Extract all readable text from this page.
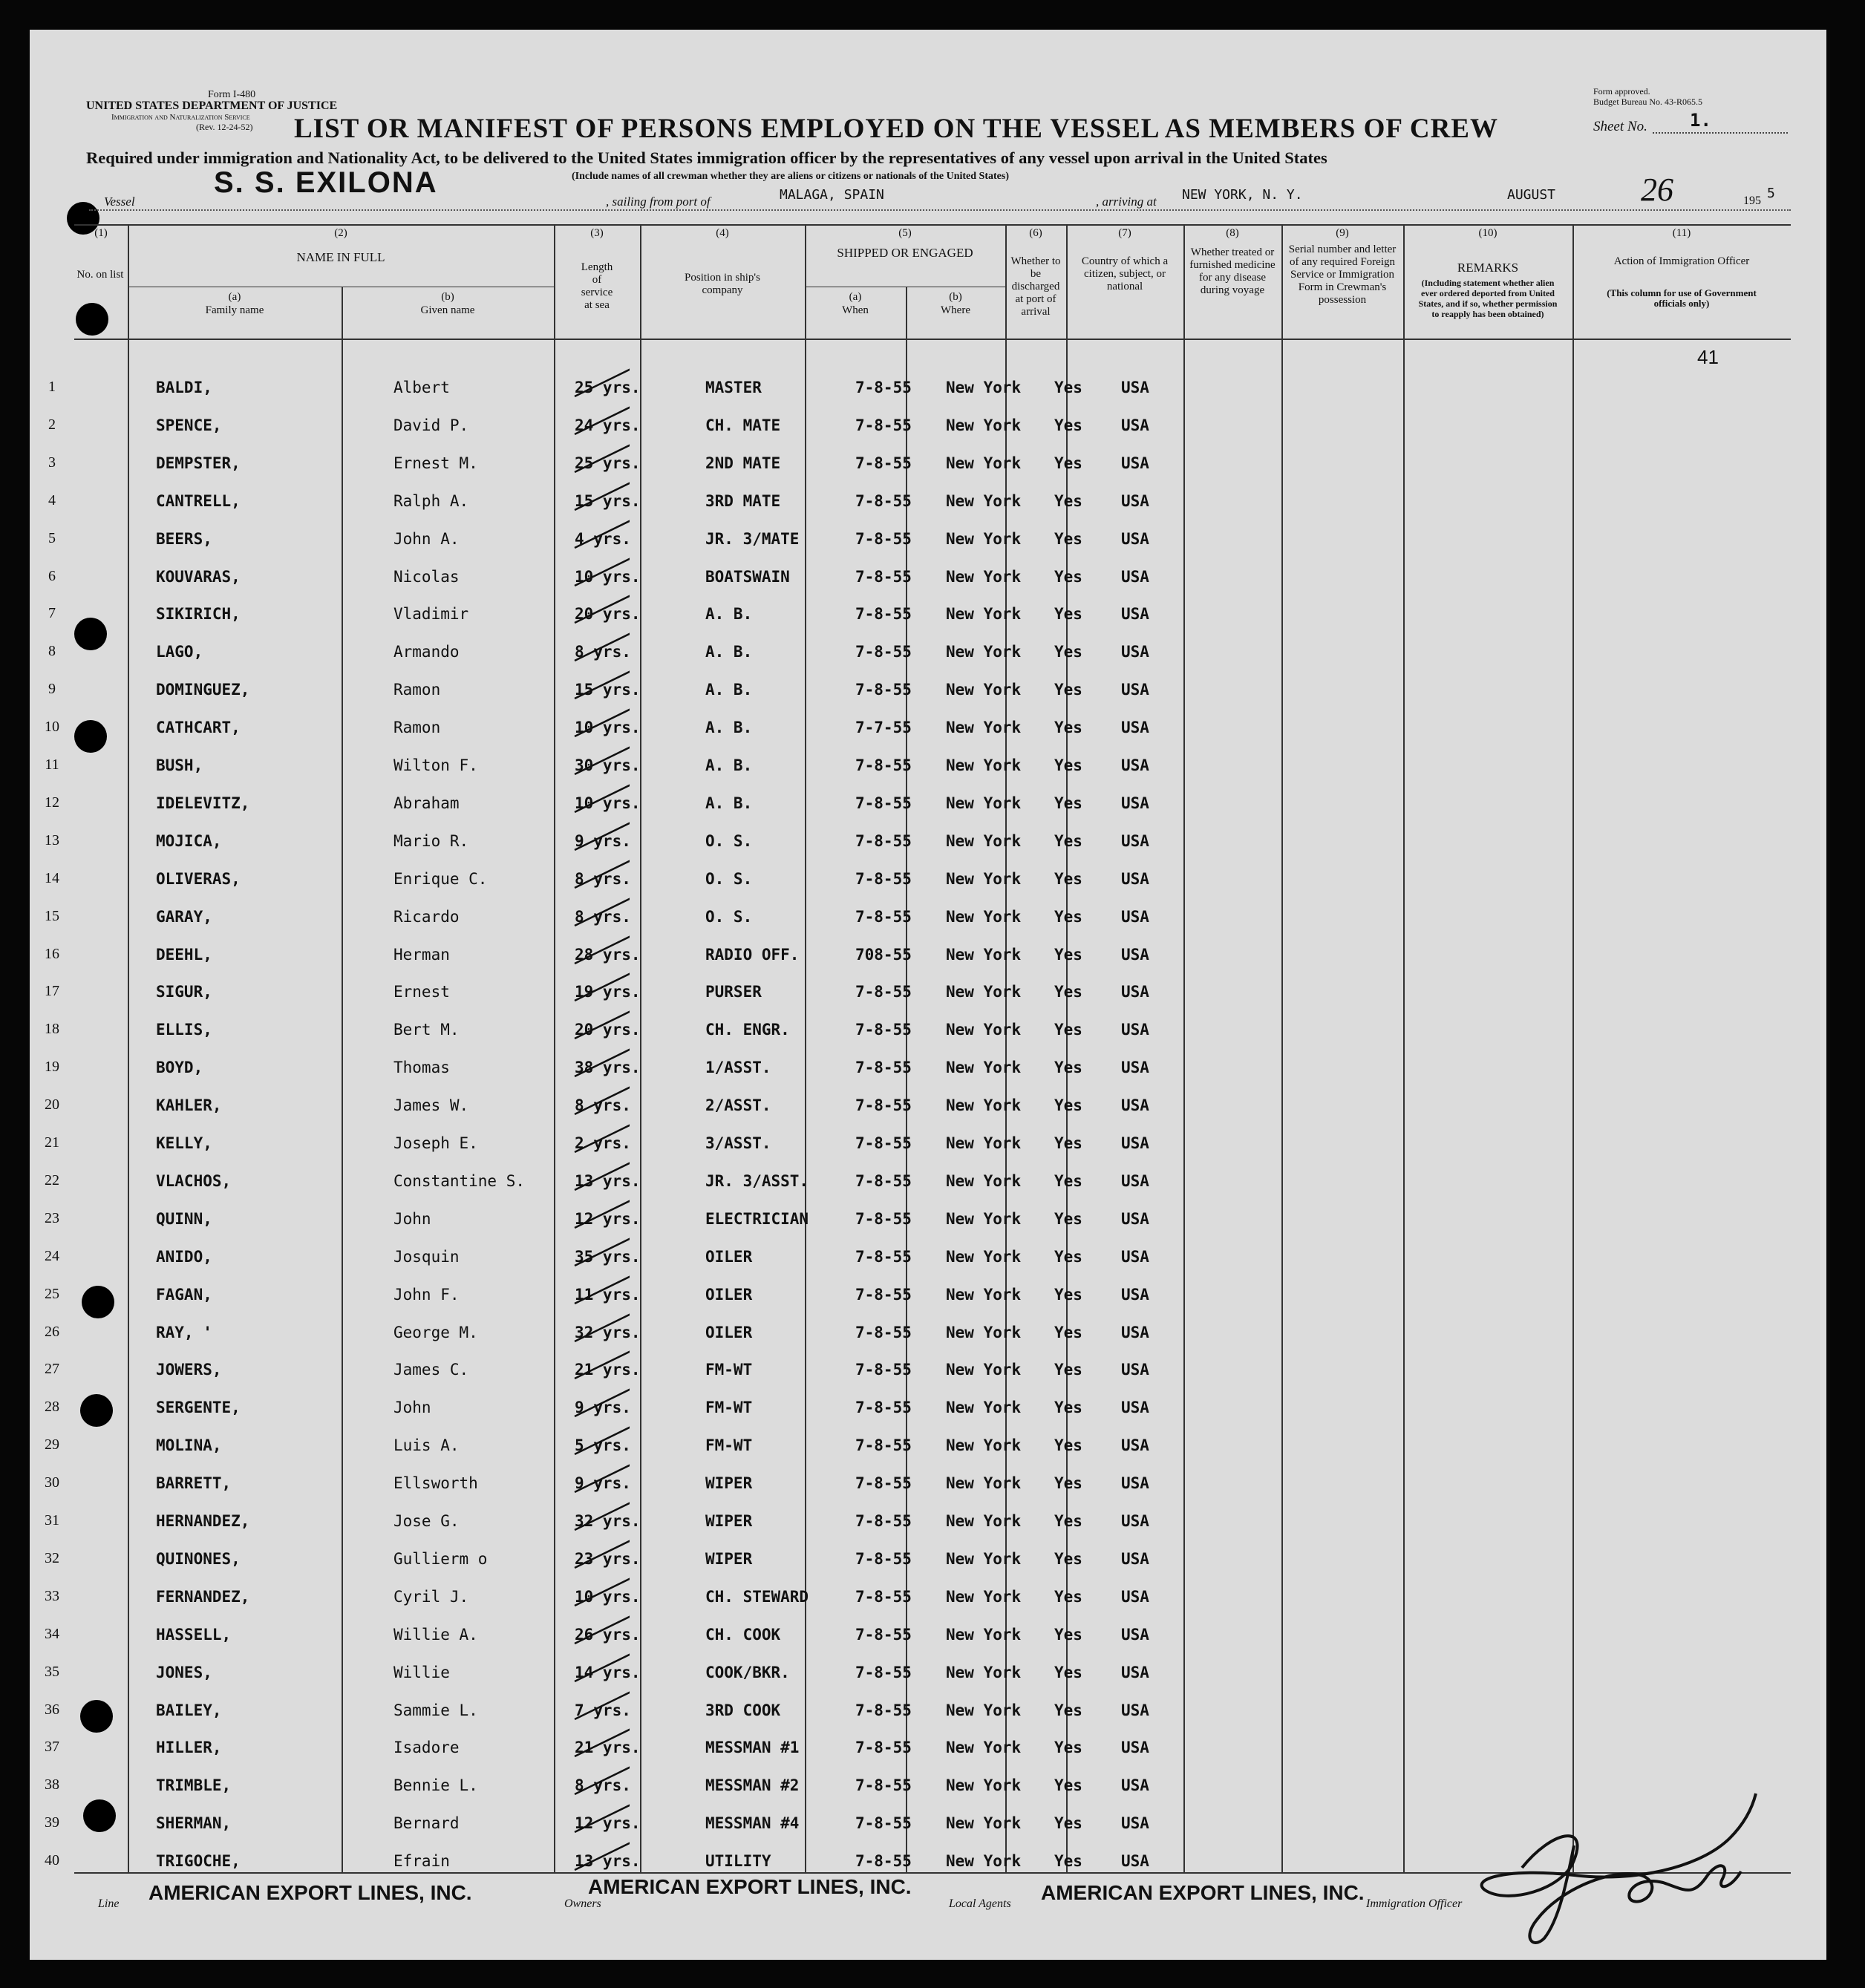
Form I-480
UNITED STATES DEPARTMENT OF JUSTICE
Immigration and Naturalization Service
(Rev. 12-24-52)
Form approved.
Budget Bureau No. 43-R065.5
Sheet No. 1.
LIST OR MANIFEST OF PERSONS EMPLOYED ON THE VESSEL AS MEMBERS OF CREW
Required under immigration and Nationality Act, to be delivered to the United States immigration officer by the representatives of any vessel upon arrival in the United States
(Include names of all crewman whether they are aliens or citizens or nationals of the United States)
Vessel
S. S. EXILONA
, sailing from port of	MALAGA, SPAIN	, arriving at NEW YORK, N. Y.	AUGUST	26	195 5
(1)
No. on list
(2)
NAME IN FULL
(a)
Family name
(b)
Given name
(3)
Length of service at sea
(4)
Position in ship's company
(5)
SHIPPED OR ENGAGED
(a)
When
(b)
Where
(6)
Whether to be discharged at port of arrival
(7)
Country of which a citizen, subject, or national
(8)
Whether treated or furnished medicine for any disease during voyage
(9)
Serial number and letter of any required Foreign Service or Immigration Form in Crewman's possession
(10)
REMARKS
(Including statement whether alien ever ordered deported from United States, and if so, whether permission to reapply has been obtained)
(11)
Action of Immigration Officer
(This column for use of Government officials only)
41
1	BALDI,	Albert	25 yrs.	MASTER	7-8-55 New York Yes USA
2	SPENCE,	David P.	24 yrs.	CH. MATE	7-8-55 New York Yes USA
3	DEMPSTER,	Ernest M.	25 yrs.	2ND MATE	7-8-55 New York Yes USA
4	CANTRELL,	Ralph A.	15 yrs.	3RD MATE	7-8-55 New York Yes USA
5	BEERS,	John A.	4 yrs.	JR. 3/MATE	7-8-55 New York Yes USA
6	KOUVARAS,	Nicolas	10 yrs.	BOATSWAIN	7-8-55 New York Yes USA
7	SIKIRICH,	Vladimir	20 yrs.	A. B.	7-8-55 New York Yes USA
8	LAGO,	Armando	8 yrs.	A. B.	7-8-55 New York Yes USA
9	DOMINGUEZ,	Ramon	15 yrs.	A. B.	7-8-55 New York Yes USA
10	CATHCART,	Ramon	10 yrs.	A. B.	7-7-55 New York Yes USA
11	BUSH,	Wilton F.	30 yrs.	A. B.	7-8-55 New York Yes USA
12	IDELEVITZ,	Abraham	10 yrs.	A. B.	7-8-55 New York Yes USA
13	MOJICA,	Mario R.	9 yrs.	O. S.	7-8-55 New York Yes USA
14	OLIVERAS,	Enrique C.	8 yrs.	O. S.	7-8-55 New York Yes USA
15	GARAY,	Ricardo	8 yrs.	O. S.	7-8-55 New York Yes USA
16	DEEHL,	Herman	28 yrs.	RADIO OFF.	708-55 New York Yes USA
17	SIGUR,	Ernest	19 yrs.	PURSER	7-8-55 New York Yes USA
18	ELLIS,	Bert M.	20 yrs.	CH. ENGR.	7-8-55 New York Yes USA
19	BOYD,	Thomas	38 yrs.	1/ASST.	7-8-55 New York Yes USA
20	KAHLER,	James W.	8 yrs.	2/ASST.	7-8-55 New York Yes USA
21	KELLY,	Joseph E.	2 yrs.	3/ASST.	7-8-55 New York Yes USA
22	VLACHOS,	Constantine S.	13 yrs.	JR. 3/ASST.	7-8-55 New York Yes USA
23	QUINN,	John	12 yrs.	ELECTRICIAN	7-8-55 New York Yes USA
24	ANIDO,	Josquin	35 yrs.	OILER	7-8-55 New York Yes USA
25	FAGAN,	John F.	11 yrs.	OILER	7-8-55 New York Yes USA
26	RAY, '	George M.	32 yrs.	OILER	7-8-55 New York Yes USA
27	JOWERS,	James C.	21 yrs.	FM-WT	7-8-55 New York Yes USA
28	SERGENTE,	John	9 yrs.	FM-WT	7-8-55 New York Yes USA
29	MOLINA,	Luis A.	5 yrs.	FM-WT	7-8-55 New York Yes USA
30	BARRETT,	Ellsworth	9 yrs.	WIPER	7-8-55 New York Yes USA
31	HERNANDEZ,	Jose G.	32 yrs.	WIPER	7-8-55 New York Yes USA
32	QUINONES,	Gullierm o	23 yrs.	WIPER	7-8-55 New York Yes USA
33	FERNANDEZ,	Cyril J.	10 yrs.	CH. STEWARD	7-8-55 New York Yes USA
34	HASSELL,	Willie A.	26 yrs.	CH. COOK	7-8-55 New York Yes USA
35	JONES,	Willie	14 yrs.	COOK/BKR.	7-8-55 New York Yes USA
36	BAILEY,	Sammie L.	7 yrs.	3RD COOK	7-8-55 New York Yes USA
37	HILLER,	Isadore	21 yrs.	MESSMAN #1	7-8-55 New York Yes USA
38	TRIMBLE,	Bennie L.	8 yrs.	MESSMAN #2	7-8-55 New York Yes USA
39	SHERMAN,	Bernard	12 yrs.	MESSMAN #4	7-8-55 New York Yes USA
40	TRIGOCHE,	Efrain	13 yrs.	UTILITY	7-8-55 New York Yes USA
Line AMERICAN EXPORT LINES, INC.	Owners
AMERICAN EXPORT LINES, INC.
Local Agents AMERICAN EXPORT LINES, INC. Immigration Officer
